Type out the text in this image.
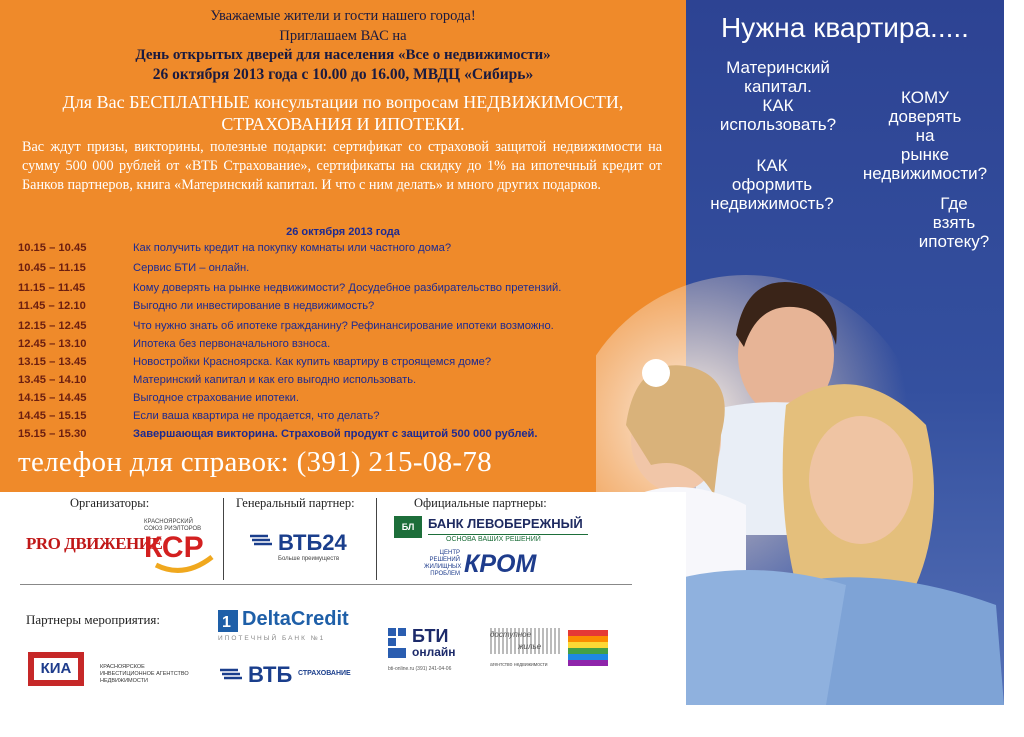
Уважаемые жители и гости нашего города!
Приглашаем ВАС на
День открытых дверей для населения «Все о недвижимости»
26 октября 2013 года с 10.00 до 16.00, МВДЦ «Сибирь»
Для Вас БЕСПЛАТНЫЕ консультации по вопросам НЕДВИЖИМОСТИ,
СТРАХОВАНИЯ И ИПОТЕКИ.
Вас ждут призы, викторины, полезные подарки: сертификат со страховой защитой недвижимости на сумму 500 000 рублей от «ВТБ Страхование», сертификаты на скидку до 1% на ипотечный кредит от Банков партнеров, книга «Материнский капитал. И что с ним делать» и много других подарков.
26 октября 2013 года
10.15 – 10.45	Как получить кредит на покупку комнаты или частного дома?
10.45 – 11.15	Сервис БТИ – онлайн.
11.15 – 11.45	Кому доверять на рынке недвижимости? Досудебное разбирательство претензий.
11.45 – 12.10	Выгодно ли инвестирование в недвижимость?
12.15 – 12.45	Что нужно знать об ипотеке гражданину? Рефинансирование ипотеки возможно.
12.45 – 13.10	Ипотека без первоначального взноса.
13.15 – 13.45	Новостройки Красноярска. Как купить квартиру в строящемся доме?
13.45 – 14.10	Материнский капитал и как его выгодно использовать.
14.15 – 14.45	Выгодное страхование ипотеки.
14.45 – 15.15	Если ваша квартира не продается, что делать?
15.15 – 15.30	Завершающая викторина. Страховой продукт с защитой 500 000 рублей.
телефон для справок: (391) 215-08-78
Нужна квартира.....
Материнский
капитал.
КАК
использовать?
КОМУ
доверять
на
рынке
недвижимости?
КАК
оформить
недвижимость?	Где
взять
ипотеку?
Организаторы:	Генеральный партнер:	Официальные партнеры:
PRO ДВИЖЕНИЕ
КРАСНОЯРСКИЙ
СОЮЗ РИЭЛТОРОВ
КСР	ВТБ24
Больше преимуществ
БЛ	БАНК ЛЕВОБЕРЕЖНЫЙ
ОСНОВА ВАШИХ РЕШЕНИЙ
ЦЕНТР
РЕШЕНИЙ
ЖИЛИЩНЫХ
ПРОБЛЕМ КРОМ
Партнеры мероприятия:	1 DeltaCredit
ИПОТЕЧНЫЙ БАНК №1
ВТБ СТРАХОВАНИЕ
БТИ
онлайн
bti-online.ru (391) 241-04-06
доступное
жилье
агентство недвижимости
КИА	КРАСНОЯРСКОЕ
ИНВЕСТИЦИОННОЕ АГЕНТСТВО
НЕДВИЖИМОСТИ
